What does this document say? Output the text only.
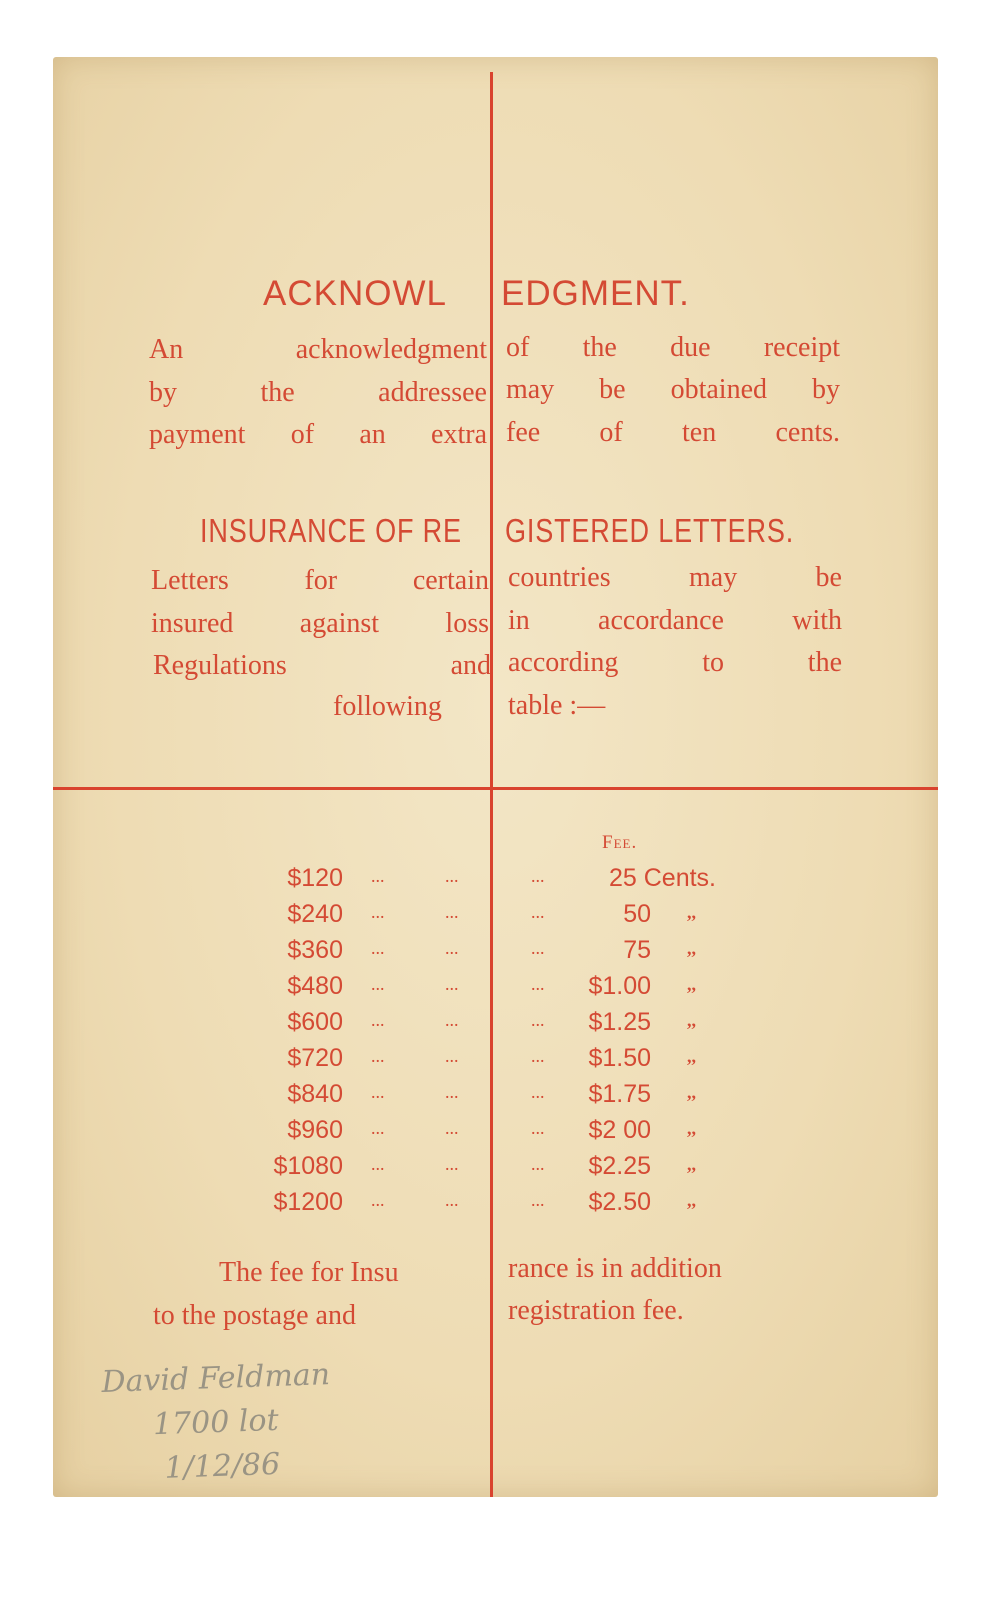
ACKNOWL EDGMENT.
An acknowledgment
by the addressee
payment of an extra
of the due receipt
may be obtained by
fee of ten cents.
INSURANCE OF RE GISTERED LETTERS.
Letters for certain
insured against loss
Regulations and
following
countries may be
in accordance with
according to the
table :—
Fee.
$120 ...	...	...	25 Cents.
$240 ...	...	...	50 ,,
$360 ...	...	...	75 ,,
$480 ...	...	... $1.00 ,,
$600 ...	...	... $1.25 ,,
$720 ...	...	... $1.50 ,,
$840 ...	...	... $1.75 ,,
$960 ...	...	... $2 00 ,,
$1080 ...	...	... $2.25 ,,
$1200 ...	...	... $2.50 ,,
The fee for Insu
to the postage and
rance is in addition
registration fee.
David Feldman
1700 lot
1/12/86
